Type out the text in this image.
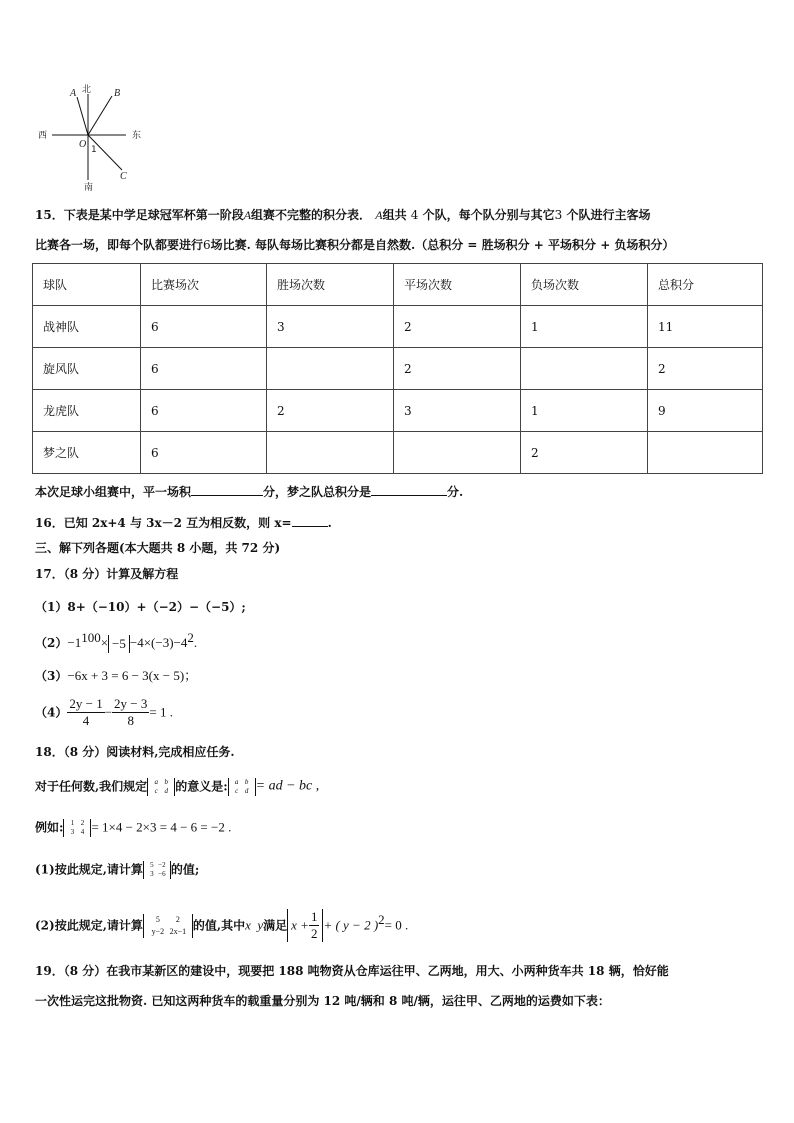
北
南
西	东
A	B
C
O 1
15．下表是某中学足球冠军杯第一阶段A组赛不完整的积分表． A组共 4 个队，每个队分别与其它3 个队进行主客场
比赛各一场，即每个队都要进行6场比赛. 每队每场比赛积分都是自然数.（总积分 = 胜场积分 + 平场积分 + 负场积分）
球队	比赛场次	胜场次数	平场次数	负场次数	总积分
战神队	6	3	2	1	11
旋风队	6		2		2
龙虎队	6	2	3	1	9
梦之队	6			2	
本次足球小组赛中，平一场积	分，梦之队总积分是	分.
16．已知 2x+4 与 3x－2 互为相反数，则 x=	.
三、解下列各题(本大题共 8 小题，共 72 分)
17．（8 分）计算及解方程
（1）8+（−10）+（−2）−（−5）;
$(2)-1^{100}\times -5 -4\times(-3)-4^2$.
（3）−6x + 3 = 6 − 3(x − 5)；
$(4) \frac{2y - 1}{4} - \frac{2y - 3}{8} = 1$ .
18．（8 分）阅读材料,完成相应任务.
对于任何数,我们规定	a b
c d 的意义是:	a b
c d = ad − bc ,
例如:	1 2
3 4 = 1×4 − 2×3 = 4 − 6 = −2 .
(1)按此规定,请计算	5 −2
3 −6 的值;
(2)按此规定,请计算	5 2
y−2 2x−1 的值,其中x  y满足 $x + \frac{1}{2}$ + ( y − 2 )$^2$= 0 .
19．（8 分）在我市某新区的建设中，现要把 188 吨物资从仓库运往甲、乙两地，用大、小两种货车共 18 辆，恰好能
一次性运完这批物资. 已知这两种货车的载重量分别为 12 吨/辆和 8 吨/辆，运往甲、乙两地的运费如下表：
